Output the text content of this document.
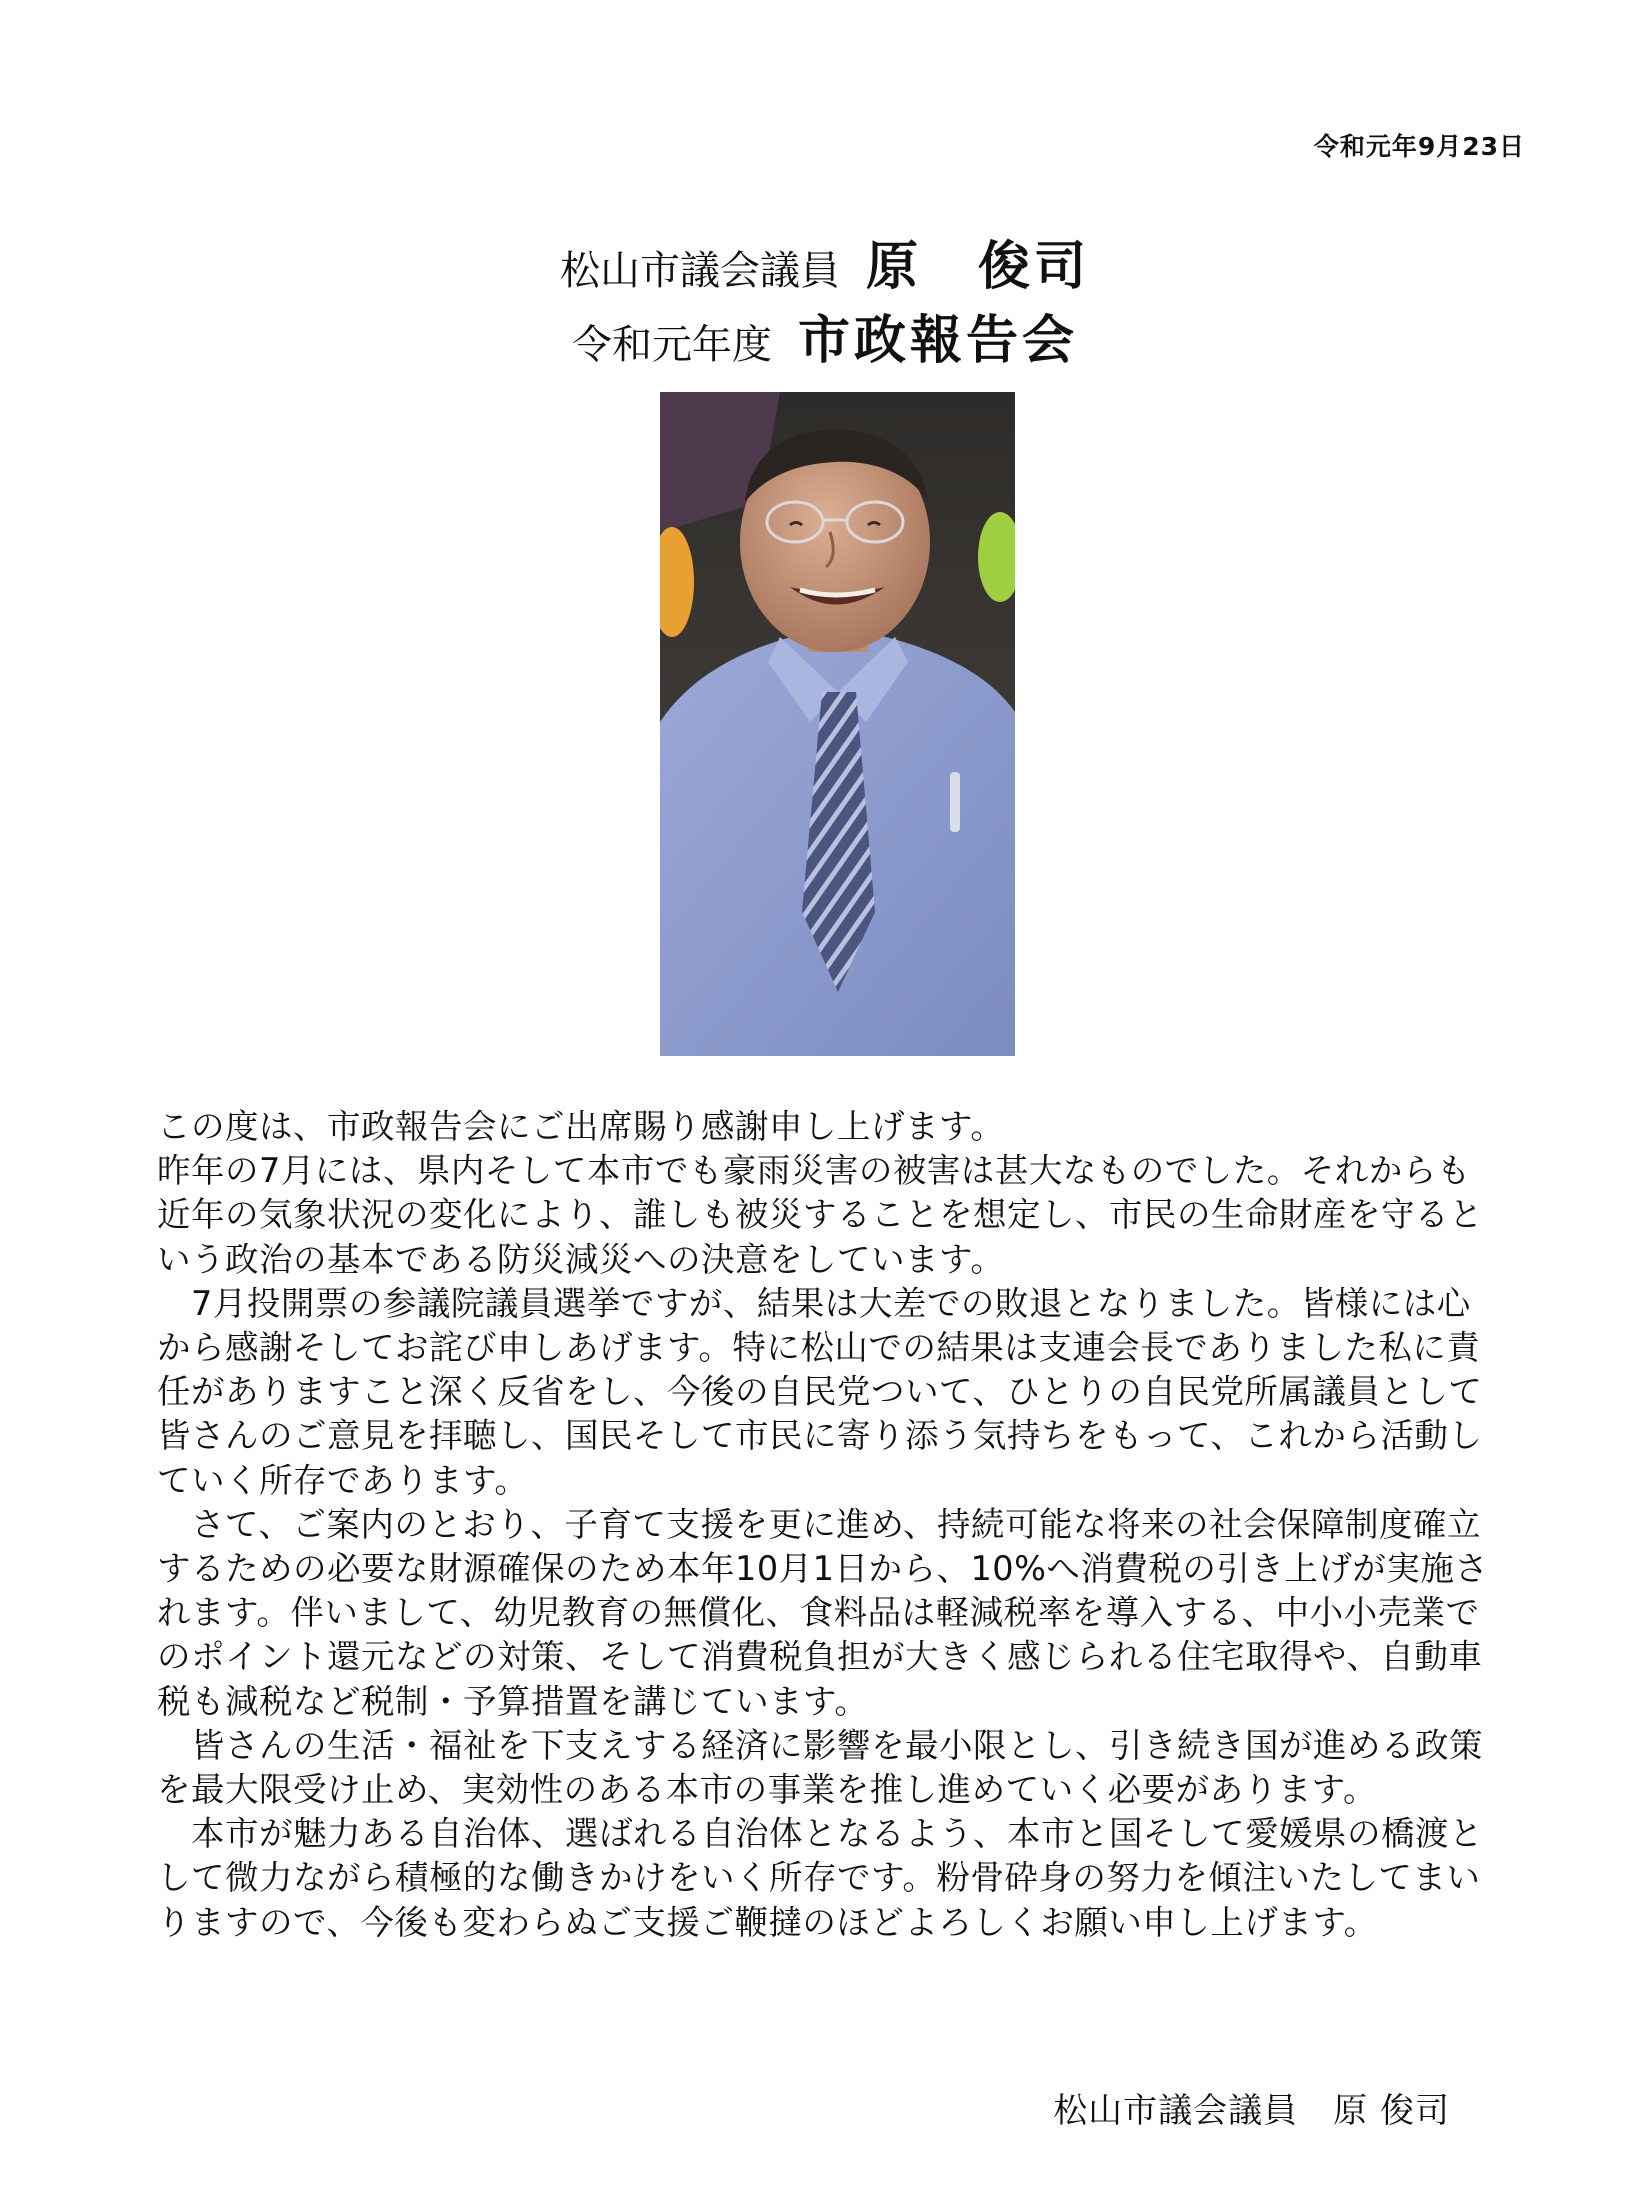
令和元年9月23日
松山市議会議員 原　俊司
令和元年度 市政報告会

この度は、市政報告会にご出席賜り感謝申し上げます。

昨年の7月には、県内そして本市でも豪雨災害の被害は甚大なものでした。それからも近年の気象状況の変化により、誰しも被災することを想定し、市民の生命財産を守るという政治の基本である防災減災への決意をしています。

　7月投開票の参議院議員選挙ですが、結果は大差での敗退となりました。皆様には心から感謝そしてお詫び申しあげます。特に松山での結果は支連会長でありました私に責任がありますこと深く反省をし、今後の自民党ついて、ひとりの自民党所属議員として皆さんのご意見を拝聴し、国民そして市民に寄り添う気持ちをもって、これから活動していく所存であります。

　さて、ご案内のとおり、子育て支援を更に進め、持続可能な将来の社会保障制度確立するための必要な財源確保のため本年10月1日から、10%へ消費税の引き上げが実施されます。伴いまして、幼児教育の無償化、食料品は軽減税率を導入する、中小小売業でのポイント還元などの対策、そして消費税負担が大きく感じられる住宅取得や、自動車税も減税など税制・予算措置を講じています。

　皆さんの生活・福祉を下支えする経済に影響を最小限とし、引き続き国が進める政策を最大限受け止め、実効性のある本市の事業を推し進めていく必要があります。

　本市が魅力ある自治体、選ばれる自治体となるよう、本市と国そして愛媛県の橋渡として微力ながら積極的な働きかけをいく所存です。粉骨砕身の努力を傾注いたしてまいりますので、今後も変わらぬご支援ご鞭撻のほどよろしくお願い申し上げます。

松山市議会議員　原 俊司
